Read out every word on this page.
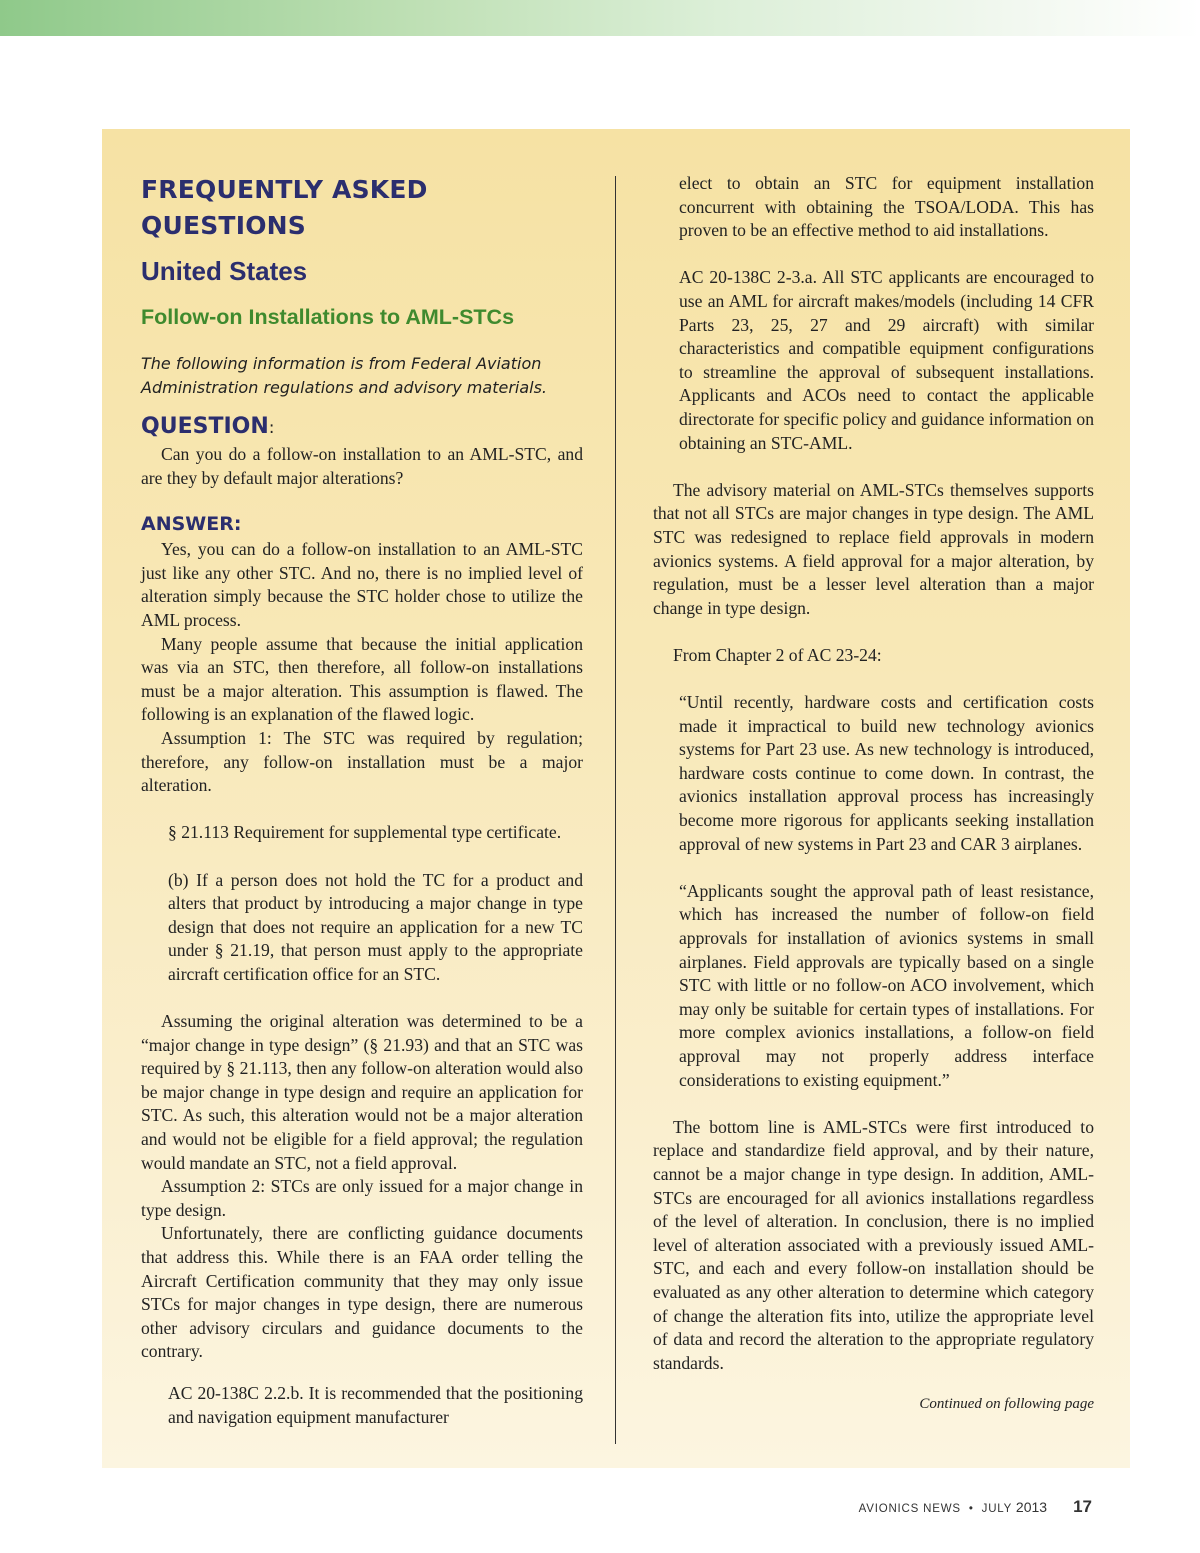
FREQUENTLY ASKED QUESTIONS
United States
Follow-on Installations to AML-STCs

The following information is from Federal Aviation Administration regulations and advisory materials.

QUESTION:

Can you do a follow-on installation to an AML-STC, and are they by default major alterations?

ANSWER:

Yes, you can do a follow-on installation to an AML-STC just like any other STC. And no, there is no implied level of alteration simply because the STC holder chose to utilize the AML process.

Many people assume that because the initial application was via an STC, then therefore, all follow-on installations must be a major alteration. This assumption is flawed. The following is an explanation of the flawed logic.

Assumption 1: The STC was required by regulation; therefore, any follow-on installation must be a major alteration.

§ 21.113 Requirement for supplemental type certificate.

(b) If a person does not hold the TC for a product and alters that product by introducing a major change in type design that does not require an application for a new TC under § 21.19, that person must apply to the appropriate aircraft certification office for an STC.

Assuming the original alteration was determined to be a “major change in type design” (§ 21.93) and that an STC was required by § 21.113, then any follow-on alteration would also be major change in type design and require an application for STC. As such, this alteration would not be a major alteration and would not be eligible for a field approval; the regulation would mandate an STC, not a field approval.

Assumption 2: STCs are only issued for a major change in type design.

Unfortunately, there are conflicting guidance documents that address this. While there is an FAA order telling the Aircraft Certification community that they may only issue STCs for major changes in type design, there are numerous other advisory circulars and guidance documents to the contrary.

AC 20-138C 2.2.b. It is recommended that the positioning and navigation equipment manufacturer

elect to obtain an STC for equipment installation concurrent with obtaining the TSOA/LODA. This has proven to be an effective method to aid installations.

AC 20-138C 2-3.a. All STC applicants are encouraged to use an AML for aircraft makes/models (including 14 CFR Parts 23, 25, 27 and 29 aircraft) with similar characteristics and compatible equipment configurations to streamline the approval of subsequent installations. Applicants and ACOs need to contact the applicable directorate for specific policy and guidance information on obtaining an STC-AML.

The advisory material on AML-STCs themselves supports that not all STCs are major changes in type design. The AML STC was redesigned to replace field approvals in modern avionics systems. A field approval for a major alteration, by regulation, must be a lesser level alteration than a major change in type design.

From Chapter 2 of AC 23-24:

“Until recently, hardware costs and certification costs made it impractical to build new technology avionics systems for Part 23 use. As new technology is introduced, hardware costs continue to come down. In contrast, the avionics installation approval process has increasingly become more rigorous for applicants seeking installation approval of new systems in Part 23 and CAR 3 airplanes.

“Applicants sought the approval path of least resistance, which has increased the number of follow-on field approvals for installation of avionics systems in small airplanes. Field approvals are typically based on a single STC with little or no follow-on ACO involvement, which may only be suitable for certain types of installations. For more complex avionics installations, a follow-on field approval may not properly address interface considerations to existing equipment.”

The bottom line is AML-STCs were first introduced to replace and standardize field approval, and by their nature, cannot be a major change in type design. In addition, AML-STCs are encouraged for all avionics installations regardless of the level of alteration. In conclusion, there is no implied level of alteration associated with a previously issued AML-STC, and each and every follow-on installation should be evaluated as any other alteration to determine which category of change the alteration fits into, utilize the appropriate level of data and record the alteration to the appropriate regulatory standards.

Continued on following page

AVIONICS NEWS • JULY 2013 17
